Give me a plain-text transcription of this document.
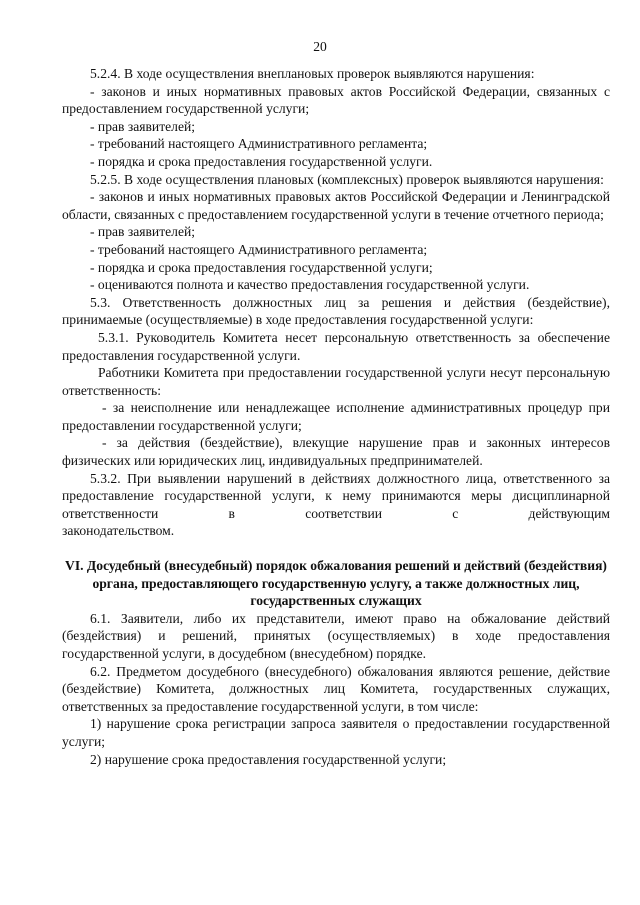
20

5.2.4. В ходе осуществления внеплановых проверок выявляются нарушения:

- законов и иных нормативных правовых актов Российской Федерации, связанных с предоставлением государственной услуги;

- прав заявителей;

- требований настоящего Административного регламента;

- порядка и срока предоставления государственной услуги.

5.2.5. В ходе осуществления плановых (комплексных) проверок выявляются нарушения:

- законов и иных нормативных правовых актов Российской Федерации и Ленинградской области, связанных с предоставлением государственной услуги в течение отчетного периода;

- прав заявителей;

- требований настоящего Административного регламента;

- порядка и срока предоставления государственной услуги;

- оцениваются полнота и качество предоставления государственной услуги.

5.3. Ответственность должностных лиц за решения и действия (бездействие), принимаемые (осуществляемые) в ходе предоставления государственной услуги:

5.3.1. Руководитель Комитета несет персональную ответственность за обеспечение предоставления государственной услуги.

Работники Комитета при предоставлении государственной услуги несут персональную ответственность:

- за неисполнение или ненадлежащее исполнение административных процедур при предоставлении государственной услуги;

- за действия (бездействие), влекущие нарушение прав и законных интересов физических или юридических лиц, индивидуальных предпринимателей.

5.3.2. При выявлении нарушений в действиях должностного лица, ответственного за предоставление государственной услуги, к нему принимаются меры дисциплинарной ответственности в соответствии с действующим

законодательством.

VI. Досудебный (внесудебный) порядок обжалования решений и действий (бездействия) органа, предоставляющего государственную услугу, а также должностных лиц, государственных служащих

6.1. Заявители, либо их представители, имеют право на обжалование действий (бездействия) и решений, принятых (осуществляемых) в ходе предоставления государственной услуги, в досудебном (внесудебном) порядке.

6.2. Предметом досудебного (внесудебного) обжалования являются решение, действие (бездействие) Комитета, должностных лиц Комитета, государственных служащих, ответственных за предоставление государственной услуги, в том числе:

1) нарушение срока регистрации запроса заявителя о предоставлении государственной услуги;

2) нарушение срока предоставления государственной услуги;
